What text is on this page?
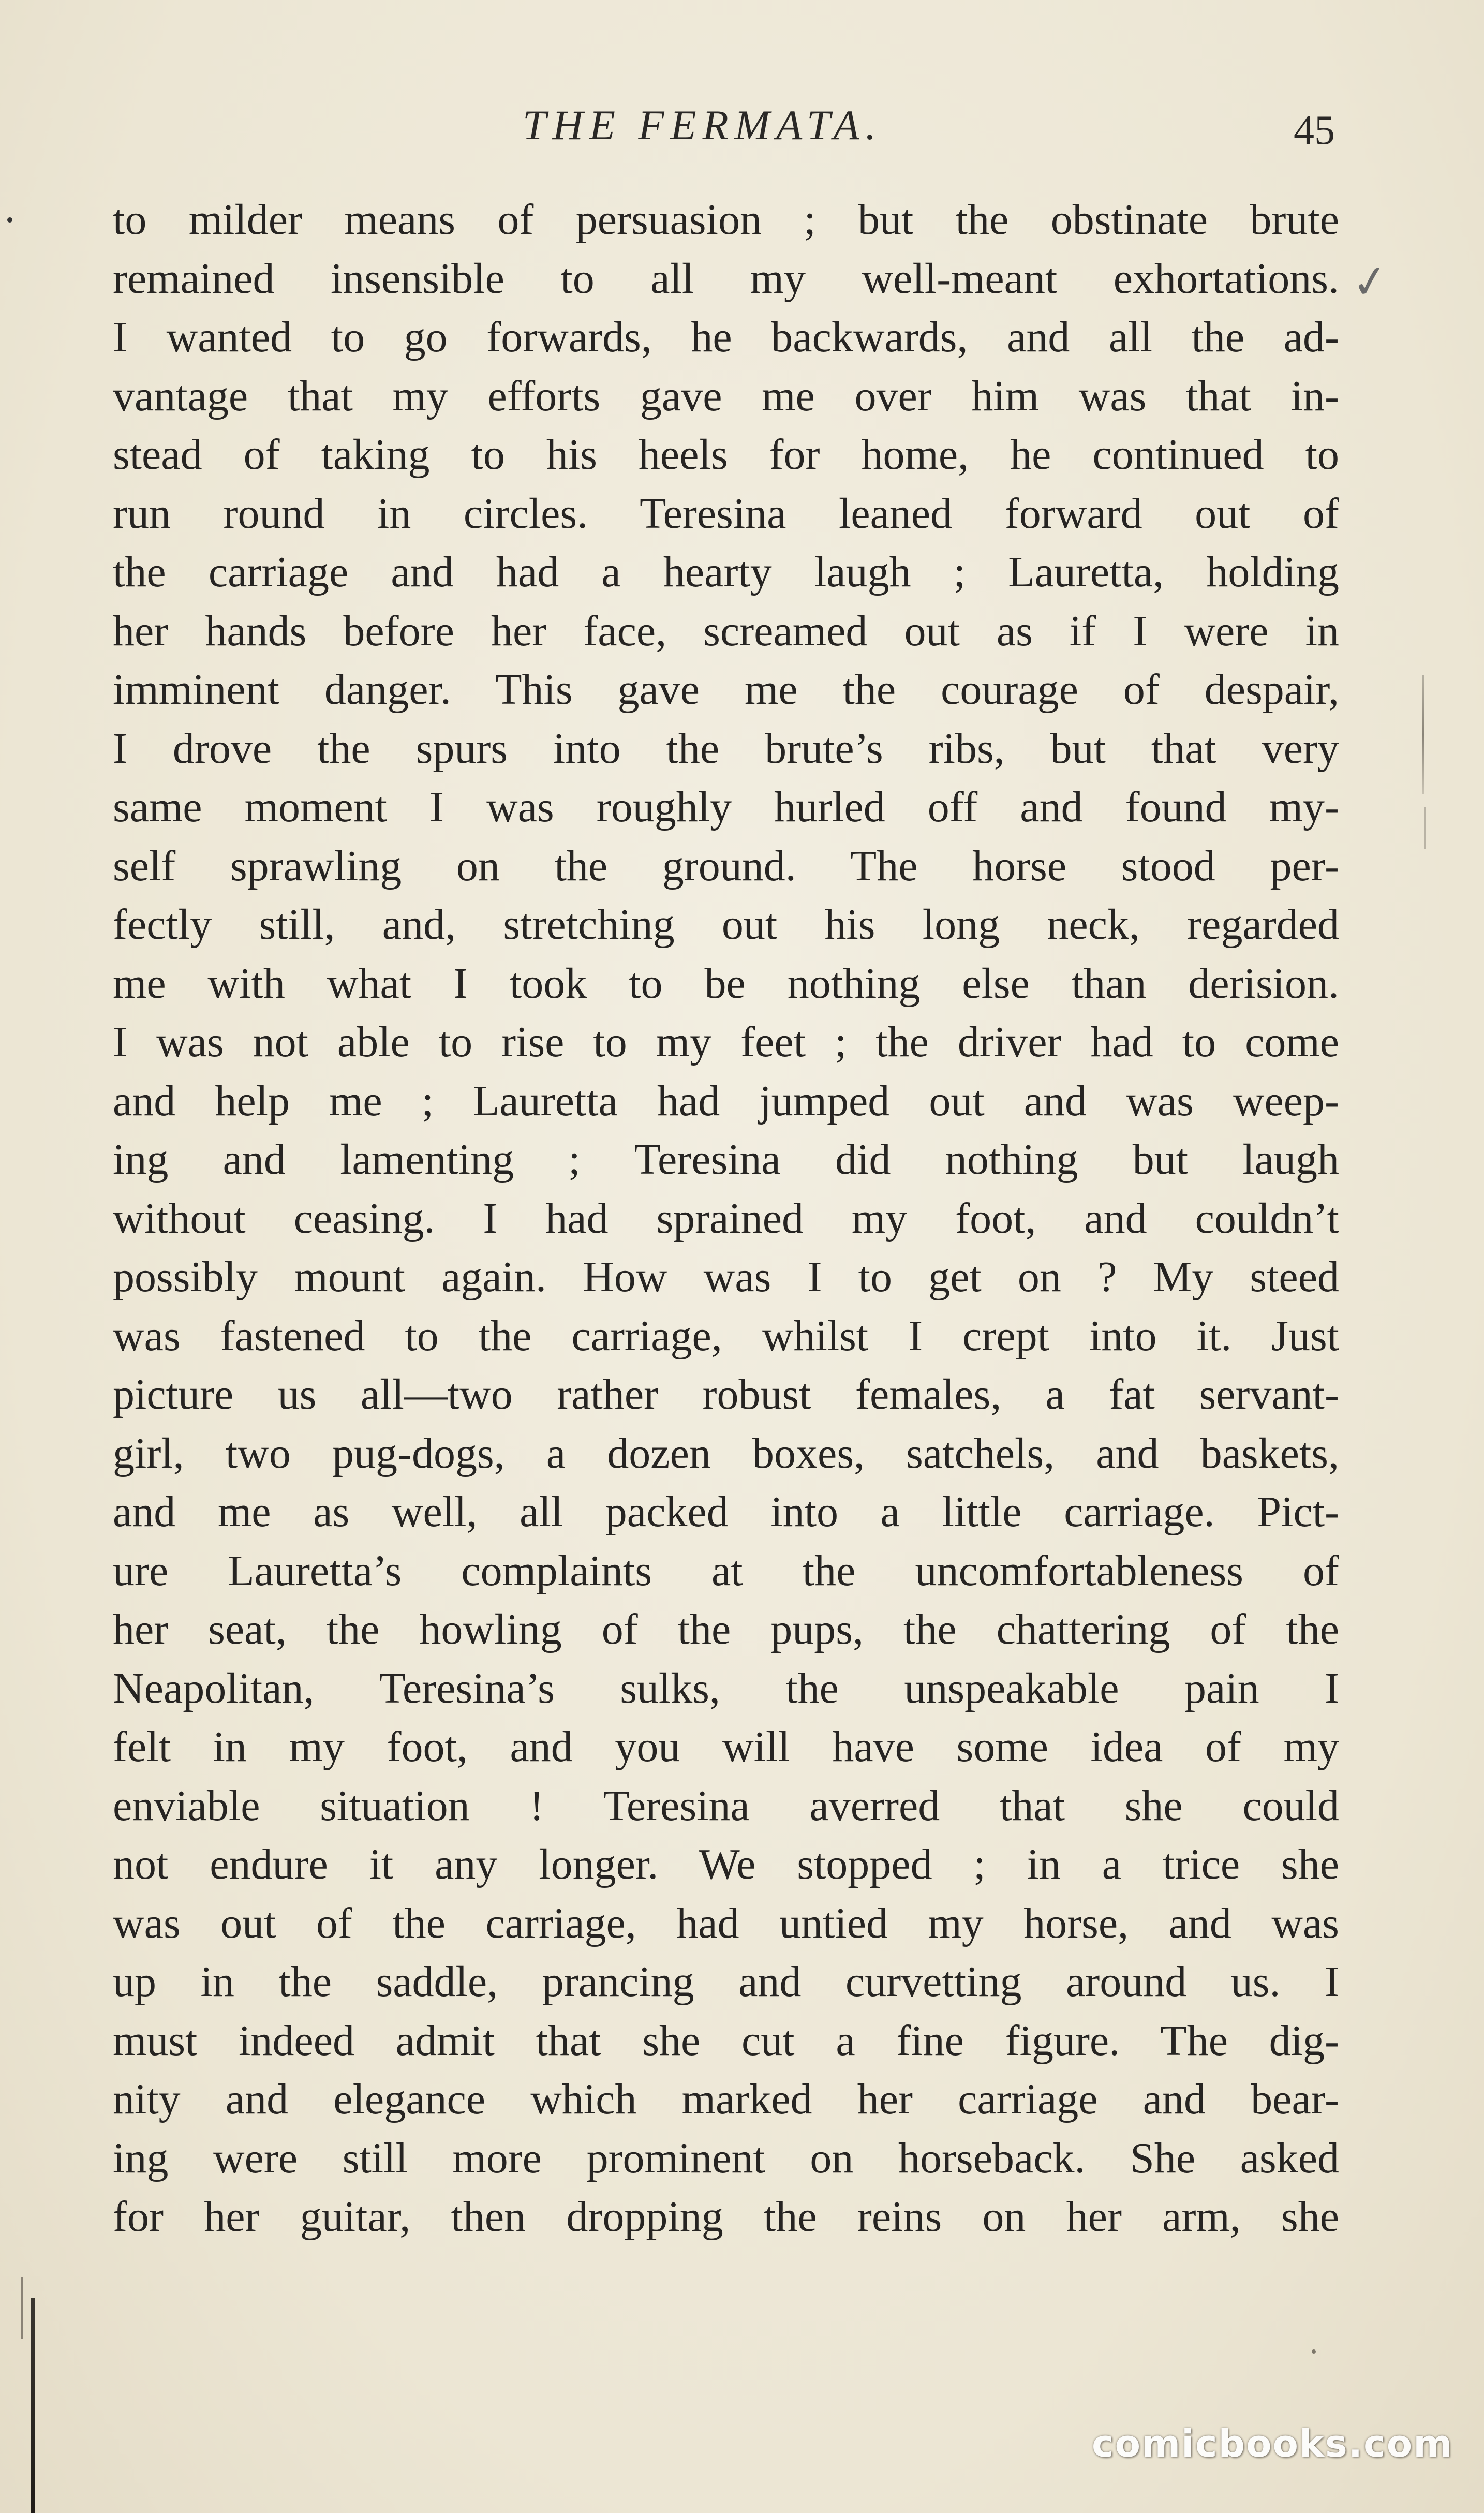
THE FERMATA.	45
to milder means of persuasion ; but the obstinate brute
remained insensible to all my well-meant exhortations.
I wanted to go forwards, he backwards, and all the ad-
vantage that my efforts gave me over him was that in-
stead of taking to his heels for home, he continued to
run round in circles. Teresina leaned forward out of
the carriage and had a hearty laugh ; Lauretta, holding
her hands before her face, screamed out as if I were in
imminent danger. This gave me the courage of despair,
I drove the spurs into the brute’s ribs, but that very
same moment I was roughly hurled off and found my-
self sprawling on the ground. The horse stood per-
fectly still, and, stretching out his long neck, regarded
me with what I took to be nothing else than derision.
I was not able to rise to my feet ; the driver had to come
and help me ; Lauretta had jumped out and was weep-
ing and lamenting ; Teresina did nothing but laugh
without ceasing. I had sprained my foot, and couldn’t
possibly mount again. How was I to get on ? My steed
was fastened to the carriage, whilst I crept into it. Just
picture us all—two rather robust females, a fat servant-
girl, two pug-dogs, a dozen boxes, satchels, and baskets,
and me as well, all packed into a little carriage. Pict-
ure Lauretta’s complaints at the uncomfortableness of
her seat, the howling of the pups, the chattering of the
Neapolitan, Teresina’s sulks, the unspeakable pain I
felt in my foot, and you will have some idea of my
enviable situation ! Teresina averred that she could
not endure it any longer. We stopped ; in a trice she
was out of the carriage, had untied my horse, and was
up in the saddle, prancing and curvetting around us. I
must indeed admit that she cut a fine figure. The dig-
nity and elegance which marked her carriage and bear-
ing were still more prominent on horseback. She asked
for her guitar, then dropping the reins on her arm, she
✓
comicbooks.com
